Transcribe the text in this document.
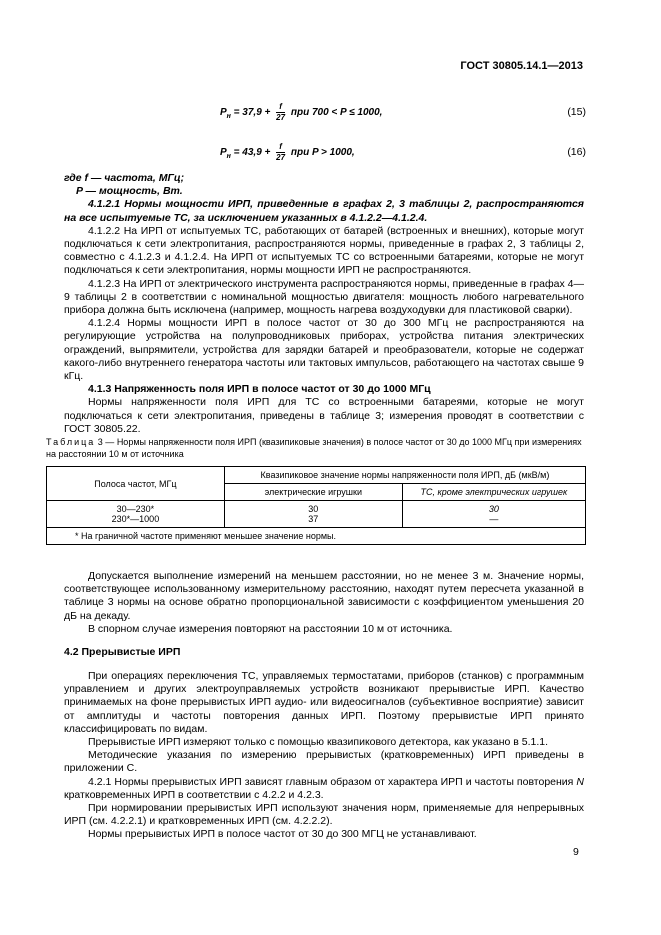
ГОСТ 30805.14.1—2013
$P_н = 37,9 + \frac{f}{27}$ при 700 < P ≤ 1000,	(15)
$P_н = 43,9 + \frac{f}{27}$ при P > 1000,	(16)

где f — частота, МГц;

P — мощность, Вт.

4.1.2.1 Нормы мощности ИРП, приведенные в графах 2, 3 таблицы 2, распространяются на все испытуемые ТС, за исключением указанных в 4.1.2.2—4.1.2.4.

4.1.2.2 На ИРП от испытуемых ТС, работающих от батарей (встроенных и внешних), которые могут подключаться к сети электропитания, распространяются нормы, приведенные в графах 2, 3 таблицы 2, совместно с 4.1.2.3 и 4.1.2.4. На ИРП от испытуемых ТС со встроенными батареями, которые не могут подключаться к сети электропитания, нормы мощности ИРП не распространяются.

4.1.2.3 На ИРП от электрического инструмента распространяются нормы, приведенные в графах 4—9 таблицы 2 в соответствии с номинальной мощностью двигателя: мощность любого нагревательного прибора должна быть исключена (например, мощность нагрева воздуходувки для пластиковой сварки).

4.1.2.4 Нормы мощности ИРП в полосе частот от 30 до 300 МГц не распространяются на регулирующие устройства на полупроводниковых приборах, устройства питания электрических ограждений, выпрямители, устройства для зарядки батарей и преобразователи, которые не содержат какого-либо внутреннего генератора частоты или тактовых импульсов, работающего на частотах свыше 9 кГц.

4.1.3 Напряженность поля ИРП в полосе частот от 30 до 1000 МГц

Нормы напряженности поля ИРП для ТС со встроенными батареями, которые не могут подключаться к сети электропитания, приведены в таблице 3; измерения проводят в соответствии с ГОСТ 30805.22.

Таблица 3 — Нормы напряженности поля ИРП (квазипиковые значения) в полосе частот от 30 до 1000 МГц при измерениях на расстоянии 10 м от источника
Полоса частот, МГц	Квазипиковое значение нормы напряженности поля ИРП, дБ (мкВ/м)	
	электрические игрушки	ТС, кроме электрических игрушек
30—230*	30	30
230*—1000	37	—
* На граничной частоте применяют меньшее значение нормы.		

Допускается выполнение измерений на меньшем расстоянии, но не менее 3 м. Значение нормы, соответствующее использованному измерительному расстоянию, находят путем пересчета указанной в таблице 3 нормы на основе обратно пропорциональной зависимости с коэффициентом уменьшения 20 дБ на декаду.

В спорном случае измерения повторяют на расстоянии 10 м от источника.

4.2 Прерывистые ИРП

При операциях переключения ТС, управляемых термостатами, приборов (станков) с программным управлением и других электроуправляемых устройств возникают прерывистые ИРП. Качество принимаемых на фоне прерывистых ИРП аудио- или видеосигналов (субъективное восприятие) зависит от амплитуды и частоты повторения данных ИРП. Поэтому прерывистые ИРП принято классифицировать по видам.

Прерывистые ИРП измеряют только с помощью квазипикового детектора, как указано в 5.1.1.

Методические указания по измерению прерывистых (кратковременных) ИРП приведены в приложении С.

4.2.1 Нормы прерывистых ИРП зависят главным образом от характера ИРП и частоты повторения N кратковременных ИРП в соответствии с 4.2.2 и 4.2.3.

При нормировании прерывистых ИРП используют значения норм, применяемые для непрерывных ИРП (см. 4.2.2.1) и кратковременных ИРП (см. 4.2.2.2).

Нормы прерывистых ИРП в полосе частот от 30 до 300 МГЦ не устанавливают.

9
